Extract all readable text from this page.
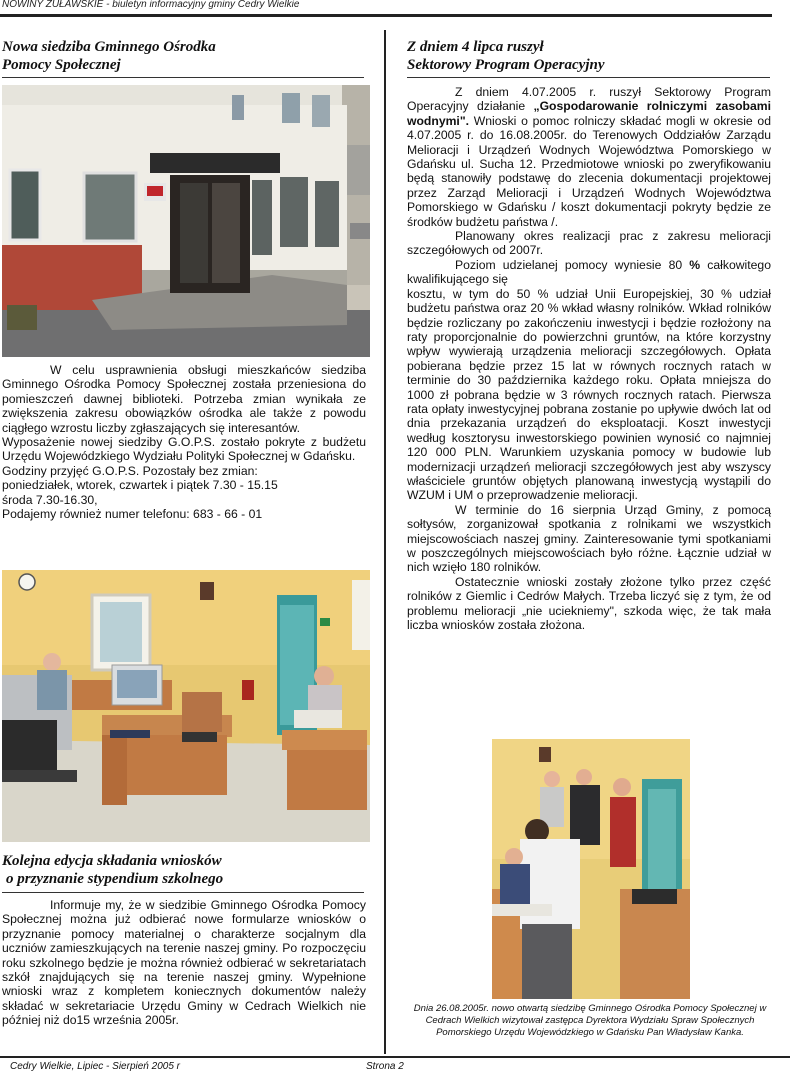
NOWINY ŻUŁAWSKIE - biuletyn informacyjny gminy Cedry Wielkie
Nowa siedziba Gminnego Ośrodka
Pomocy Społecznej

W celu usprawnienia obsługi mieszkańców siedziba Gminnego Ośrodka Pomocy Społecznej została przeniesiona do pomieszczeń dawnej biblioteki. Potrzeba zmian wynikała ze zwiększenia zakresu obowiązków ośrodka ale także z powodu ciągłego wzrostu liczby zgłaszających się interesantów.

Wyposażenie nowej siedziby G.O.P.S. zostało pokryte z budżetu Urzędu Wojewódzkiego Wydziału Polityki Społecznej w Gdańsku.

Godziny przyjęć G.O.P.S. Pozostały bez zmian:

poniedziałek, wtorek, czwartek i piątek 7.30 - 15.15

środa 7.30-16.30,

Podajemy również numer telefonu: 683 - 66 - 01

Kolejna edycja składania wniosków
o przyznanie stypendium szkolnego

Informuje my, że w siedzibie Gminnego Ośrodka Pomocy Społecznej można już odbierać nowe formularze wniosków o przyznanie pomocy materialnej o charakterze socjalnym dla uczniów zamieszkujących na terenie naszej gminy. Po rozpoczęciu roku szkolnego będzie je można również odbierać w sekretariatach szkół znajdujących się na terenie naszej gminy. Wypełnione wnioski wraz z kompletem koniecznych dokumentów należy składać w sekretariacie Urzędu Gminy w Cedrach Wielkich nie później niż do15 września 2005r.

Z dniem 4 lipca ruszył
Sektorowy Program Operacyjny

Z dniem 4.07.2005 r. ruszył Sektorowy Program Operacyjny działanie „Gospodarowanie rolniczymi zasobami wodnymi". Wnioski o pomoc rolniczy składać mogli w okresie od 4.07.2005 r. do 16.08.2005r. do Terenowych Oddziałów Zarządu Melioracji i Urządzeń Wodnych Województwa Pomorskiego w Gdańsku ul. Sucha 12. Przedmiotowe wnioski po zweryfikowaniu będą stanowiły podstawę do zlecenia dokumentacji projektowej przez Zarząd Melioracji i Urządzeń Wodnych Województwa Pomorskiego w Gdańsku / koszt dokumentacji pokryty będzie ze środków budżetu państwa /.

Planowany okres realizacji prac z zakresu melioracji szczegółowych od 2007r.

Poziom udzielanej pomocy wyniesie 80 % całkowitego kwalifikującego się

kosztu, w tym do 50 % udział Unii Europejskiej, 30 % udział budżetu państwa oraz 20 % wkład własny rolników. Wkład rolników będzie rozliczany po zakończeniu inwestycji i będzie rozłożony na raty proporcjonalnie do powierzchni gruntów, na które korzystny wpływ wywierają urządzenia melioracji szczegółowych. Opłata pobierana będzie przez 15 lat w równych rocznych ratach w terminie do 30 października każdego roku. Opłata mniejsza do 1000 zł pobrana będzie w 3 równych rocznych ratach. Pierwsza rata opłaty inwestycyjnej pobrana zostanie po upływie dwóch lat od dnia przekazania urządzeń do eksploatacji. Koszt inwestycji według kosztorysu inwestorskiego powinien wynosić co najmniej 120 000 PLN. Warunkiem uzyskania pomocy w budowie lub modernizacji urządzeń melioracji szczegółowych jest aby wszyscy właściciele gruntów objętych planowaną inwestycją wystąpili do WZUM i UM o przeprowadzenie melioracji.

W terminie do 16 sierpnia Urząd Gminy, z pomocą sołtysów, zorganizował spotkania z rolnikami we wszystkich miejscowościach naszej gminy. Zainteresowanie tymi spotkaniami w poszczególnych miejscowościach było różne. Łącznie udział w nich wzięło 180 rolników.

Ostatecznie wnioski zostały złożone tylko przez część rolników z Giemlic i Cedrów Małych. Trzeba liczyć się z tym, że od problemu melioracji „nie uciekniemy", szkoda więc, że tak mała liczba wniosków została złożona.

Dnia 26.08.2005r. nowo otwartą siedzibę Gminnego Ośrodka Pomocy Społecznej w Cedrach Wielkich wizytował zastępca Dyrektora Wydziału Spraw Społecznych Pomorskiego Urzędu Wojewódzkiego w Gdańsku Pan Władysław Kanka.
Cedry Wielkie, Lipiec - Sierpień 2005 r	Strona 2
